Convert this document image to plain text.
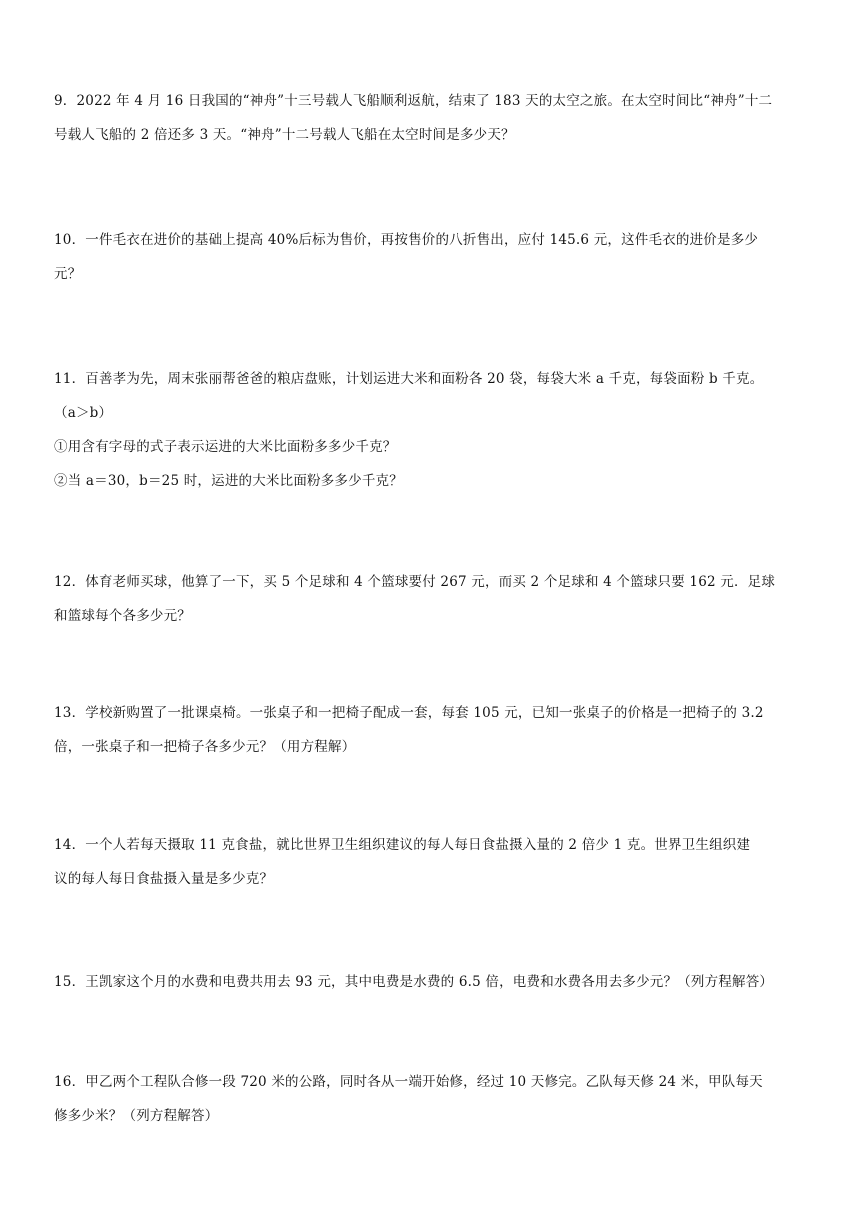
9．2022 年 4 月 16 日我国的“神舟”十三号载人飞船顺利返航，结束了 183 天的太空之旅。在太空时间比“神舟”十二
号载人飞船的 2 倍还多 3 天。“神舟”十二号载人飞船在太空时间是多少天？
10．一件毛衣在进价的基础上提高 40%后标为售价，再按售价的八折售出，应付 145.6 元，这件毛衣的进价是多少
元？
11．百善孝为先，周末张丽帮爸爸的粮店盘账，计划运进大米和面粉各 20 袋，每袋大米 a 千克，每袋面粉 b 千克。
（a＞b）
①用含有字母的式子表示运进的大米比面粉多多少千克？
②当 a＝30，b＝25 时，运进的大米比面粉多多少千克？
12．体育老师买球，他算了一下，买 5 个足球和 4 个篮球要付 267 元，而买 2 个足球和 4 个篮球只要 162 元．足球
和篮球每个各多少元？
13．学校新购置了一批课桌椅。一张桌子和一把椅子配成一套，每套 105 元，已知一张桌子的价格是一把椅子的 3.2
倍，一张桌子和一把椅子各多少元？（用方程解）
14．一个人若每天摄取 11 克食盐，就比世界卫生组织建议的每人每日食盐摄入量的 2 倍少 1 克。世界卫生组织建
议的每人每日食盐摄入量是多少克？
15．王凯家这个月的水费和电费共用去 93 元，其中电费是水费的 6.5 倍，电费和水费各用去多少元？（列方程解答）
16．甲乙两个工程队合修一段 720 米的公路，同时各从一端开始修，经过 10 天修完。乙队每天修 24 米，甲队每天
修多少米？（列方程解答）
